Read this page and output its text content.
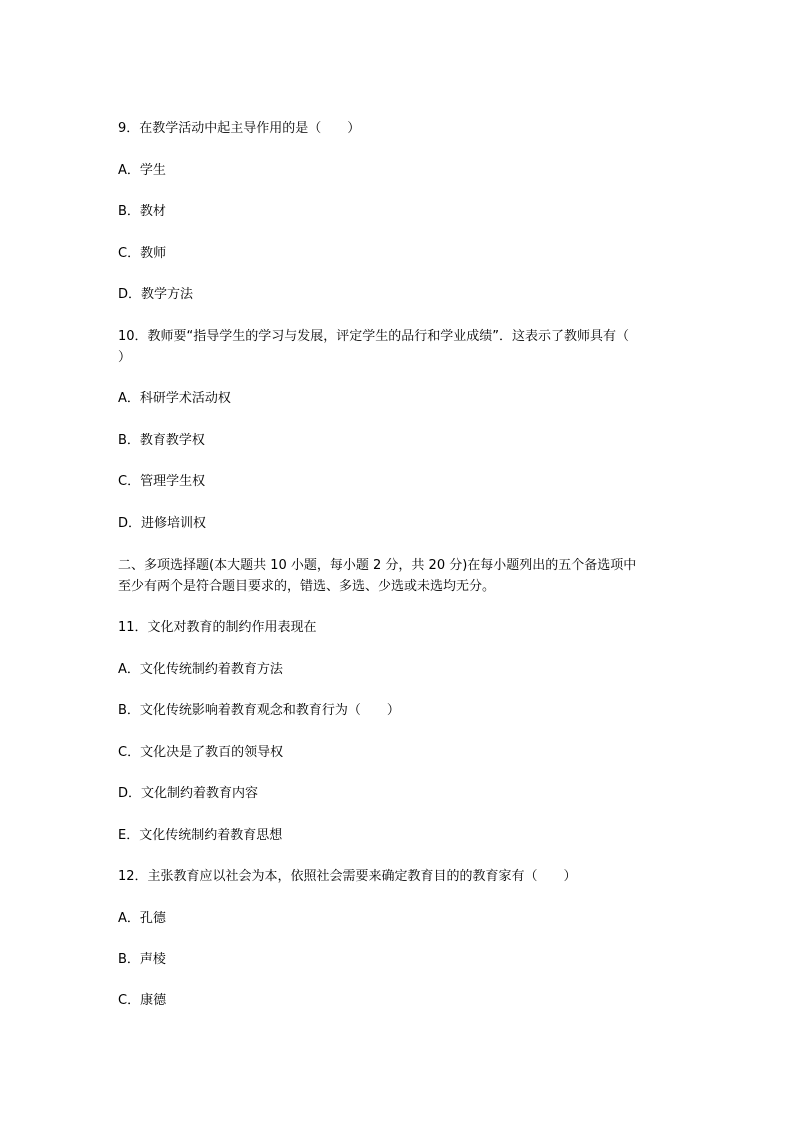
9．在教学活动中起主导作用的是（　　）
A．学生
B．教材
C．教师
D．教学方法
10．教师要“指导学生的学习与发展，评定学生的品行和学业成绩”．这表示了教师具有（
）
A．科研学术活动权
B．教育教学权
C．管理学生权
D．进修培训权
二、多项选择题(本大题共 10 小题，每小题 2 分，共 20 分)在每小题列出的五个备选项中
至少有两个是符合题目要求的，错选、多选、少选或未选均无分。
11．文化对教育的制约作用表现在
A．文化传统制约着教育方法
B．文化传统影响着教育观念和教育行为（　　）
C．文化决是了教百的领导权
D．文化制约着教育内容
E．文化传统制约着教育思想
12．主张教育应以社会为本，依照社会需要来确定教育目的的教育家有（　　）
A．孔德
B．声棱
C．康德
